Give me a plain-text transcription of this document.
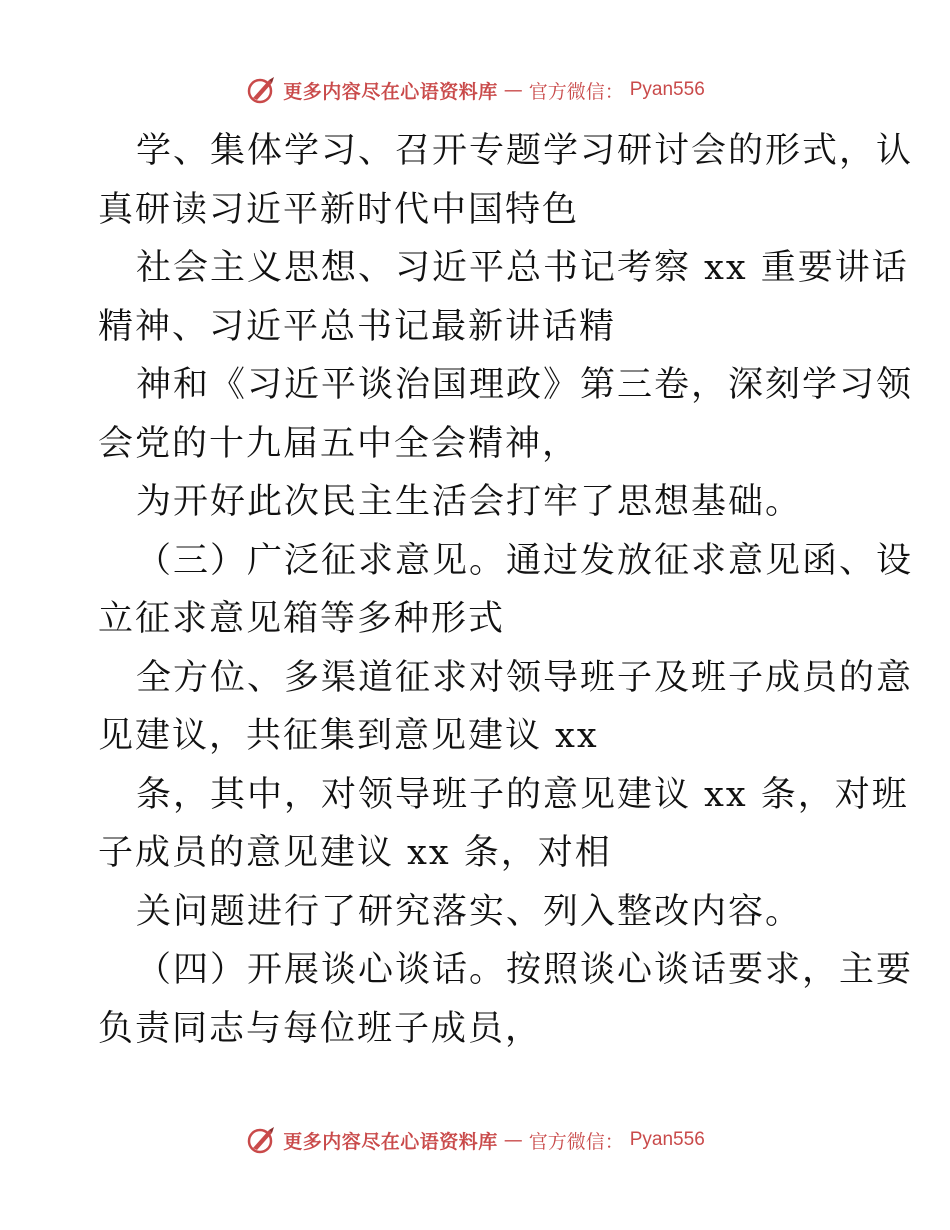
更多内容尽在心语资料库 — 官方微信： Pyan556
学、集体学习、召开专题学习研讨会的形式，认
真研读习近平新时代中国特色
社会主义思想、习近平总书记考察 xx 重要讲话
精神、习近平总书记最新讲话精
神和《习近平谈治国理政》第三卷，深刻学习领
会党的十九届五中全会精神，
为开好此次民主生活会打牢了思想基础。
（三）广泛征求意见。通过发放征求意见函、设
立征求意见箱等多种形式
全方位、多渠道征求对领导班子及班子成员的意
见建议，共征集到意见建议 xx
条，其中，对领导班子的意见建议 xx 条，对班
子成员的意见建议 xx 条，对相
关问题进行了研究落实、列入整改内容。
（四）开展谈心谈话。按照谈心谈话要求，主要
负责同志与每位班子成员，
更多内容尽在心语资料库 — 官方微信： Pyan556
